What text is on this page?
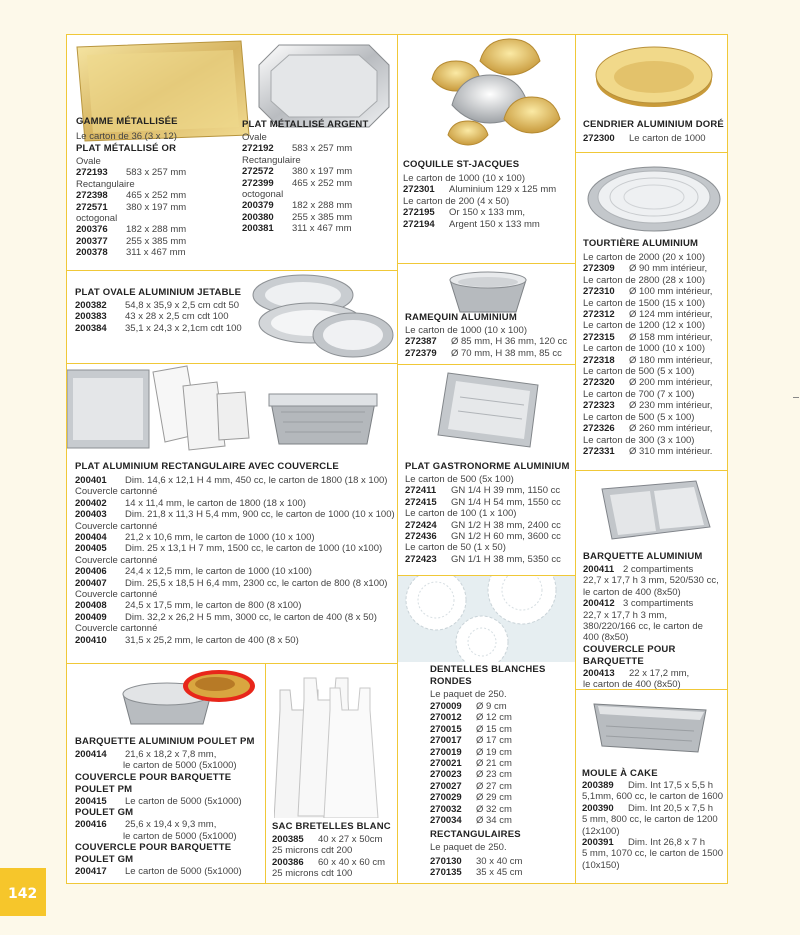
GAMME MÉTALLISÉE
Le carton de 36 (3 x 12)
PLAT MÉTALLISÉ OR
Ovale
272193 583 x 257 mm
Rectangulaire
272398 465 x 252 mm
272571 380 x 197 mm
octogonal
200376 182 x 288 mm
200377 255 x 385 mm
200378 311 x 467 mm
PLAT MÉTALLISÉ ARGENT
Ovale
272192 583 x 257 mm
Rectangulaire
272572 380 x 197 mm
272399 465 x 252 mm
octogonal
200379 182 x 288 mm
200380 255 x 385 mm
200381 311 x 467 mm
COQUILLE ST-JACQUES
Le carton de 1000 (10 x 100)
272301 Aluminium 129 x 125 mm
Le carton de 200 (4 x 50)
272195 Or 150 x 133 mm,
272194 Argent 150 x 133 mm
CENDRIER ALUMINIUM DORÉ
272300 Le carton de 1000
PLAT OVALE ALUMINIUM JETABLE
200382 54,8 x 35,9 x 2,5 cm cdt 50
200383 43 x 28 x 2,5 cm cdt 100
200384 35,1 x 24,3 x 2,1cm cdt 100
RAMEQUIN ALUMINIUM
Le carton de 1000 (10 x 100)
272387 Ø 85 mm, H 36 mm, 120 cc
272379 Ø 70 mm, H 38 mm, 85 cc
TOURTIÈRE ALUMINIUM
Le carton de 2000 (20 x 100)
272309 Ø 90 mm intérieur,
Le carton de 2800 (28 x 100)
272310 Ø 100 mm intérieur,
Le carton de 1500 (15 x 100)
272312 Ø 124 mm intérieur,
Le carton de 1200 (12 x 100)
272315 Ø 158 mm intérieur,
Le carton de 1000 (10 x 100)
272318 Ø 180 mm intérieur,
Le carton de 500 (5 x 100)
272320 Ø 200 mm intérieur,
Le carton de 700 (7 x 100)
272323 Ø 230 mm intérieur,
Le carton de 500 (5 x 100)
272326 Ø 260 mm intérieur,
Le carton de 300 (3 x 100)
272331 Ø 310 mm intérieur.
PLAT ALUMINIUM RECTANGULAIRE AVEC COUVERCLE
200401 Dim. 14,6 x 12,1 H 4 mm, 450 cc, le carton de 1800 (18 x 100)
Couvercle cartonné
200402 14 x 11,4 mm, le carton de 1800 (18 x 100)
200403 Dim. 21,8 x 11,3 H 5,4 mm, 900 cc, le carton de 1000 (10 x 100)
Couvercle cartonné
200404 21,2 x 10,6 mm, le carton de 1000 (10 x 100)
200405 Dim. 25 x 13,1 H 7 mm, 1500 cc, le carton de 1000 (10 x100)
Couvercle cartonné
200406 24,4 x 12,5 mm, le carton de 1000 (10 x100)
200407 Dim. 25,5 x 18,5 H 6,4 mm, 2300 cc, le carton de 800 (8 x100)
Couvercle cartonné
200408 24,5 x 17,5 mm, le carton de 800 (8 x100)
200409 Dim. 32,2 x 26,2 H 5 mm, 3000 cc, le carton de 400 (8 x 50)
Couvercle cartonné
200410 31,5 x 25,2 mm, le carton de 400 (8 x 50)
PLAT GASTRONORME ALUMINIUM
Le carton de 500 (5x 100)
272411 GN 1/4 H 39 mm, 1150 cc
272415 GN 1/4 H 54 mm, 1550 cc
Le carton de 100 (1 x 100)
272424 GN 1/2 H 38 mm, 2400 cc
272436 GN 1/2 H 60 mm, 3600 cc
Le carton de 50 (1 x 50)
272423 GN 1/1 H 38 mm, 5350 cc BARQUETTE ALUMINIUM
200411 2 compartiments
22,7 x 17,7 h 3 mm, 520/530 cc,
le carton de 400 (8x50)
200412 3 compartiments
22,7 x 17,7 h 3 mm,
380/220/166 cc, le carton de
400 (8x50)
COUVERCLE POUR BARQUETTE
200413 22 x 17,2 mm,
le carton de 400 (8x50)
BARQUETTE ALUMINIUM POULET PM
200414 21,6 x 18,2 x 7,8 mm,
le carton de 5000 (5x1000)
COUVERCLE POUR BARQUETTE
POULET PM
200415 Le carton de 5000 (5x1000)
POULET GM
200416 25,6 x 19,4 x 9,3 mm,
le carton de 5000 (5x1000)
COUVERCLE POUR BARQUETTE
POULET GM
200417 Le carton de 5000 (5x1000)
SAC BRETELLES BLANC
200385 40 x 27 x 50cm
25 microns cdt 200
200386 60 x 40 x 60 cm
25 microns cdt 100
DENTELLES BLANCHES
RONDES
Le paquet de 250.
270009 Ø 9 cm
270012 Ø 12 cm
270015 Ø 15 cm
270017 Ø 17 cm
270019 Ø 19 cm
270021 Ø 21 cm
270023 Ø 23 cm
270027 Ø 27 cm
270029 Ø 29 cm
270032 Ø 32 cm
270034 Ø 34 cm
RECTANGULAIRES
Le paquet de 250.
270130 30 x 40 cm
270135 35 x 45 cm
MOULE À CAKE
200389 Dim. Int 17,5 x 5,5 h
5,1mm, 600 cc, le carton de 1600
200390 Dim. Int 20,5 x 7,5 h
5 mm, 800 cc, le carton de 1200
(12x100)
200391 Dim. Int 26,8 x 7 h
5 mm, 1070 cc, le carton de 1500
(10x150)
142
